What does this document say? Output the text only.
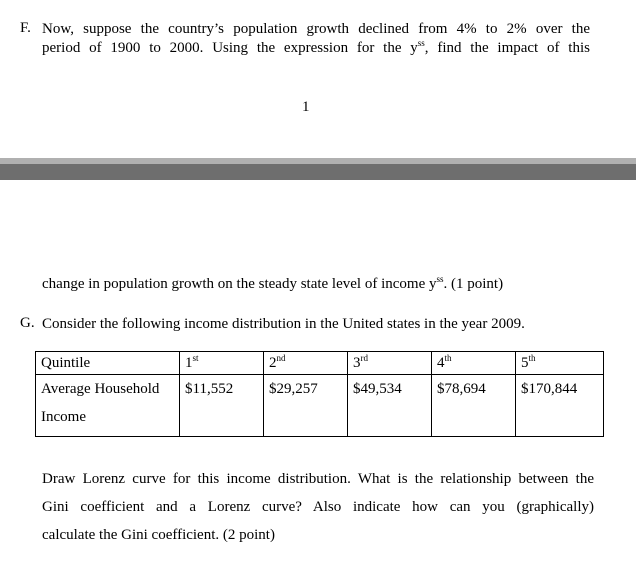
F. Now, suppose the country’s population growth declined from 4% to 2% over the
period of 1900 to 2000. Using the expression for the $y^{ss}$, find the impact of this
1
change in population growth on the steady state level of income $y^{ss}$. (1 point)
G. Consider the following income distribution in the United states in the year 2009.
Quintile	1st	2nd	3rd	4th	5th

Average Household
Income	$11,552	$29,257	$49,534	$78,694	$170,844
Draw Lorenz curve for this income distribution. What is the relationship between the
Gini coefficient and a Lorenz curve? Also indicate how can you (graphically)
calculate the Gini coefficient. (2 point)
